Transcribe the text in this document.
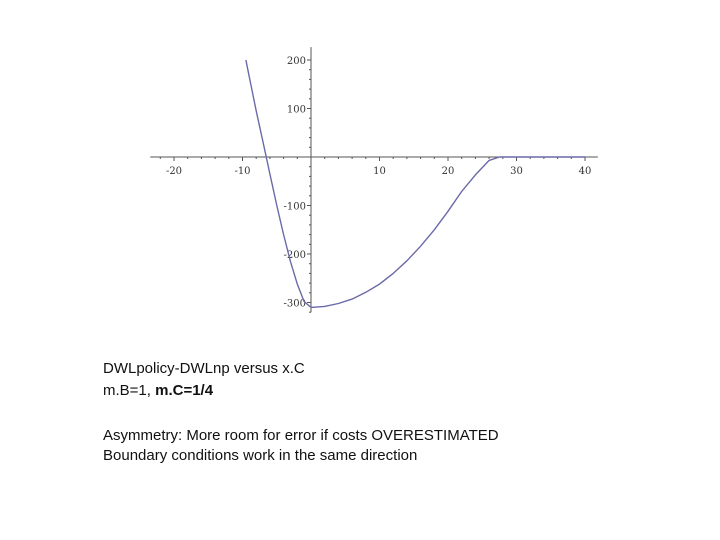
-20	-10	10	20	30	40
-300
-200
-100
100
200
DWLpolicy-DWLnp versus x.C
m.B=1, m.C=1/4
Asymmetry: More room for error if costs OVERESTIMATED
Boundary conditions work in the same direction
